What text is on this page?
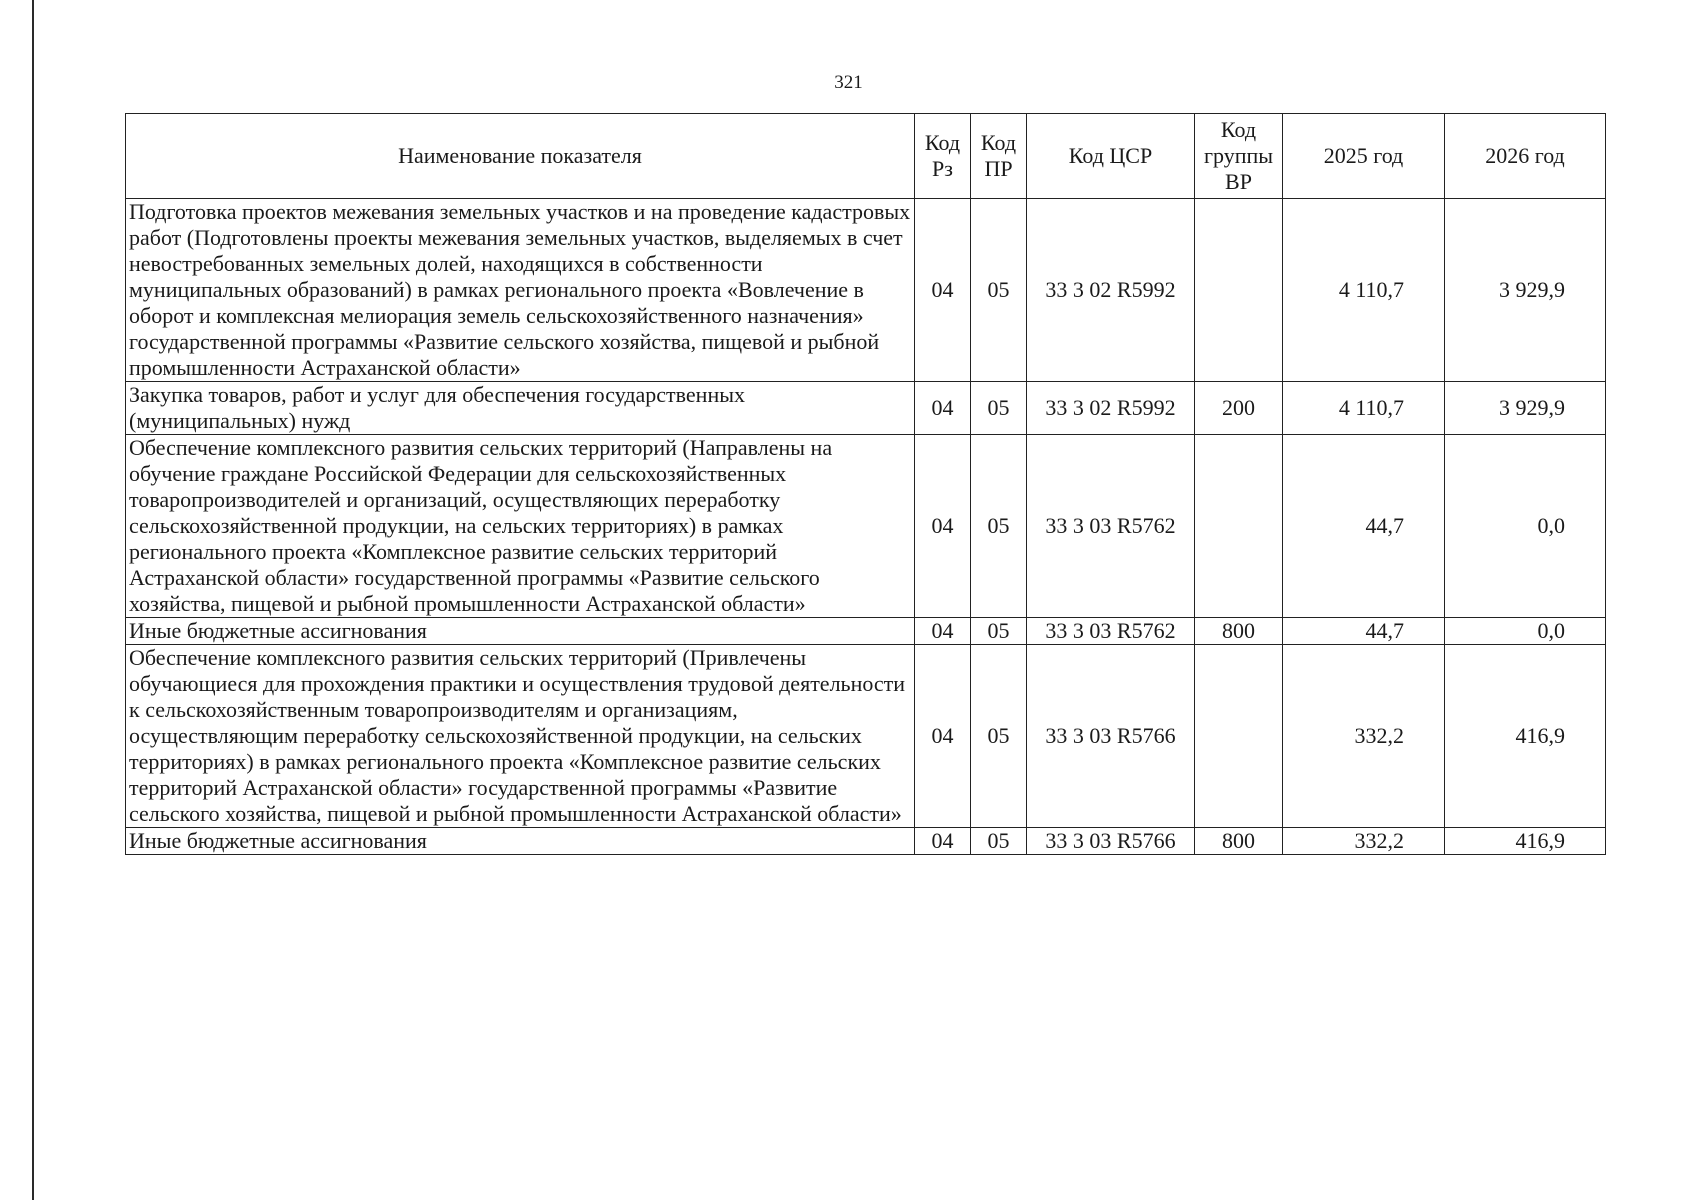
321
Наименование показателя	Код Рз	Код ПР	Код ЦСР	Код группы ВР	2025 год	2026 год
Подготовка проектов межевания земельных участков и на проведение кадастровых работ (Подготовлены проекты межевания земельных участков, выделяемых в счет невостребованных земельных долей, находящихся в собственности муниципальных образований) в рамках регионального проекта «Вовлечение в оборот и комплексная мелиорация земель сельскохозяйственного назначения» государственной программы «Развитие сельского хозяйства, пищевой и рыбной промышленности Астраханской области»	04	05	33 3 02 R5992		4 110,7	3 929,9
Закупка товаров, работ и услуг для обеспечения государственных (муниципальных) нужд	04	05	33 3 02 R5992	200	4 110,7	3 929,9
Обеспечение комплексного развития сельских территорий (Направлены на обучение граждане Российской Федерации для сельскохозяйственных товаропроизводителей и организаций, осуществляющих переработку сельскохозяйственной продукции, на сельских территориях) в рамках регионального проекта «Комплексное развитие сельских территорий Астраханской области» государственной программы «Развитие сельского хозяйства, пищевой и рыбной промышленности Астраханской области»	04	05	33 3 03 R5762		44,7	0,0
Иные бюджетные ассигнования	04	05	33 3 03 R5762	800	44,7	0,0
Обеспечение комплексного развития сельских территорий (Привлечены обучающиеся для прохождения практики и осуществления трудовой деятельности к сельскохозяйственным товаропроизводителям и организациям, осуществляющим переработку сельскохозяйственной продукции, на сельских территориях) в рамках регионального проекта «Комплексное развитие сельских территорий Астраханской области» государственной программы «Развитие сельского хозяйства, пищевой и рыбной промышленности Астраханской области»	04	05	33 3 03 R5766		332,2	416,9
Иные бюджетные ассигнования	04	05	33 3 03 R5766	800	332,2	416,9
